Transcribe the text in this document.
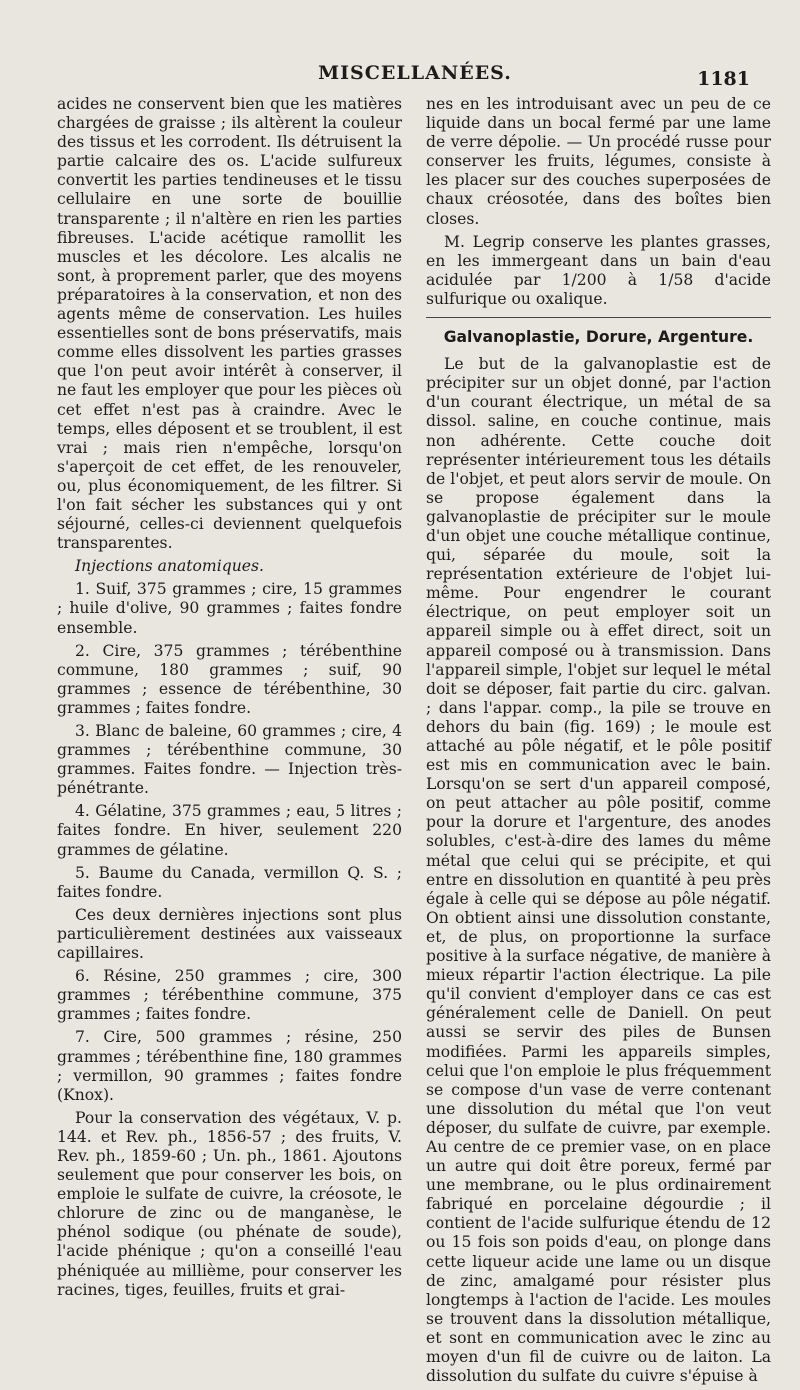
MISCELLANÉES.	1181

acides ne conservent bien que les matières chargées de graisse ; ils altèrent la couleur des tissus et les corrodent. Ils détruisent la partie calcaire des os. L'acide sulfureux convertit les parties tendineuses et le tissu cellulaire en une sorte de bouillie transparente ; il n'altère en rien les parties fibreuses. L'acide acétique ramollit les muscles et les décolore. Les alcalis ne sont, à proprement parler, que des moyens préparatoires à la conservation, et non des agents même de conservation. Les huiles essentielles sont de bons préservatifs, mais comme elles dissolvent les parties grasses que l'on peut avoir intérêt à conserver, il ne faut les employer que pour les pièces où cet effet n'est pas à craindre. Avec le temps, elles déposent et se troublent, il est vrai ; mais rien n'empêche, lorsqu'on s'aperçoit de cet effet, de les renouveler, ou, plus économiquement, de les filtrer. Si l'on fait sécher les substances qui y ont séjourné, celles-ci deviennent quelquefois transparentes.

Injections anatomiques.

1. Suif, 375 grammes ; cire, 15 grammes ; huile d'olive, 90 grammes ; faites fondre ensemble.

2. Cire, 375 grammes ; térébenthine commune, 180 grammes ; suif, 90 grammes ; essence de térébenthine, 30 grammes ; faites fondre.

3. Blanc de baleine, 60 grammes ; cire, 4 grammes ; térébenthine commune, 30 grammes. Faites fondre. — Injection très-pénétrante.

4. Gélatine, 375 grammes ; eau, 5 litres ; faites fondre. En hiver, seulement 220 grammes de gélatine.

5. Baume du Canada, vermillon Q. S. ; faites fondre.

Ces deux dernières injections sont plus particulièrement destinées aux vaisseaux capillaires.

6. Résine, 250 grammes ; cire, 300 grammes ; térébenthine commune, 375 grammes ; faites fondre.

7. Cire, 500 grammes ; résine, 250 grammes ; térébenthine fine, 180 grammes ; vermillon, 90 grammes ; faites fondre (Knox).

Pour la conservation des végétaux, V. p. 144. et Rev. ph., 1856-57 ; des fruits, V. Rev. ph., 1859-60 ; Un. ph., 1861. Ajoutons seulement que pour conserver les bois, on emploie le sulfate de cuivre, la créosote, le chlorure de zinc ou de manganèse, le phénol sodique (ou phénate de soude), l'acide phénique ; qu'on a conseillé l'eau phéniquée au millième, pour conserver les racines, tiges, feuilles, fruits et grai-

nes en les introduisant avec un peu de ce liquide dans un bocal fermé par une lame de verre dépolie. — Un procédé russe pour conserver les fruits, légumes, consiste à les placer sur des couches superposées de chaux créosotée, dans des boîtes bien closes.

M. Legrip conserve les plantes grasses, en les immergeant dans un bain d'eau acidulée par 1/200 à 1/58 d'acide sulfurique ou oxalique.

Galvanoplastie, Dorure, Argenture.

Le but de la galvanoplastie est de précipiter sur un objet donné, par l'action d'un courant électrique, un métal de sa dissol. saline, en couche continue, mais non adhérente. Cette couche doit représenter intérieurement tous les détails de l'objet, et peut alors servir de moule. On se propose également dans la galvanoplastie de précipiter sur le moule d'un objet une couche métallique continue, qui, séparée du moule, soit la représentation extérieure de l'objet lui-même. Pour engendrer le courant électrique, on peut employer soit un appareil simple ou à effet direct, soit un appareil composé ou à transmission. Dans l'appareil simple, l'objet sur lequel le métal doit se déposer, fait partie du circ. galvan. ; dans l'appar. comp., la pile se trouve en dehors du bain (fig. 169) ; le moule est attaché au pôle négatif, et le pôle positif est mis en communication avec le bain. Lorsqu'on se sert d'un appareil composé, on peut attacher au pôle positif, comme pour la dorure et l'argenture, des anodes solubles, c'est-à-dire des lames du même métal que celui qui se précipite, et qui entre en dissolution en quantité à peu près égale à celle qui se dépose au pôle négatif. On obtient ainsi une dissolution constante, et, de plus, on proportionne la surface positive à la surface négative, de manière à mieux répartir l'action électrique. La pile qu'il convient d'employer dans ce cas est généralement celle de Daniell. On peut aussi se servir des piles de Bunsen modifiées. Parmi les appareils simples, celui que l'on emploie le plus fréquemment se compose d'un vase de verre contenant une dissolution du métal que l'on veut déposer, du sulfate de cuivre, par exemple. Au centre de ce premier vase, on en place un autre qui doit être poreux, fermé par une membrane, ou le plus ordinairement fabriqué en porcelaine dégourdie ; il contient de l'acide sulfurique étendu de 12 ou 15 fois son poids d'eau, on plonge dans cette liqueur acide une lame ou un disque de zinc, amalgamé pour résister plus longtemps à l'action de l'acide. Les moules se trouvent dans la dissolution métallique, et sont en communication avec le zinc au moyen d'un fil de cuivre ou de laiton. La dissolution du sulfate du cuivre s'épuise à
